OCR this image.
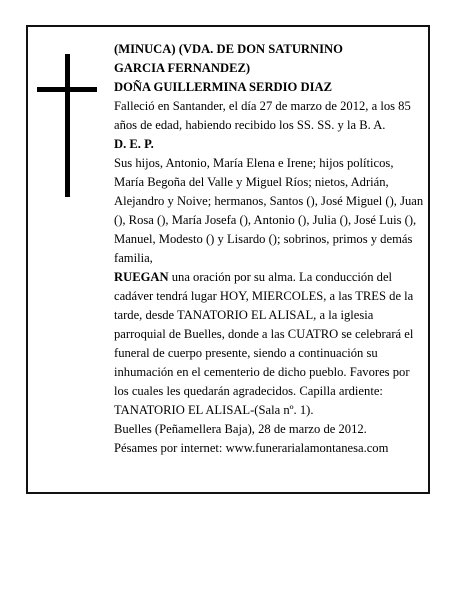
(MINUCA) (VDA. DE DON SATURNINO

GARCIA FERNANDEZ)

DOÑA GUILLERMINA SERDIO DIAZ

Falleció en Santander, el día 27 de marzo de 2012, a los 85 años de edad, habiendo recibido los SS. SS. y la B. A.

D. E. P.

Sus hijos, Antonio, María Elena e Irene; hijos políticos, María Begoña del Valle y Miguel Ríos; nietos, Adrián, Alejandro y Noive; hermanos, Santos (), José Miguel (), Juan (), Rosa (), María Josefa (), Antonio (), Julia (), José Luis (), Manuel, Modesto () y Lisardo (); sobrinos, primos y demás familia,

RUEGAN una oración por su alma. La conducción del cadáver tendrá lugar HOY, MIERCOLES, a las TRES de la tarde, desde TANATORIO EL ALISAL, a la iglesia parroquial de Buelles, donde a las CUATRO se celebrará el funeral de cuerpo presente, siendo a continuación su inhumación en el cementerio de dicho pueblo. Favores por los cuales les quedarán agradecidos. Capilla ardiente: TANATORIO EL ALISAL-(Sala nº. 1).

Buelles (Peñamellera Baja), 28 de marzo de 2012.

Pésames por internet: www.funerarialamontanesa.com
